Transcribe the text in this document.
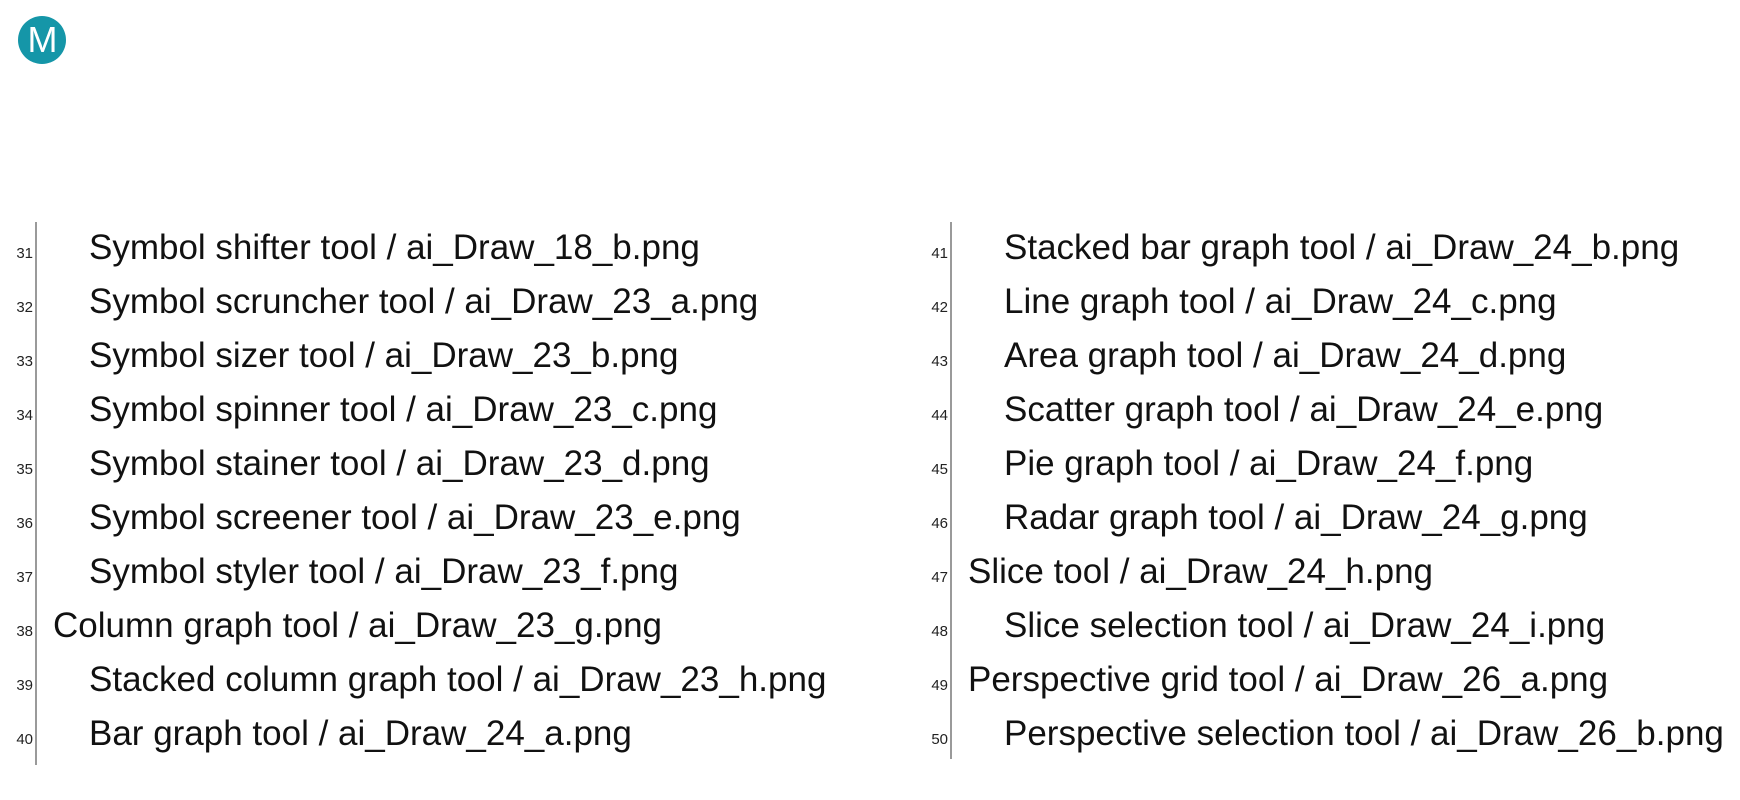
M
31 Symbol shifter tool / ai_Draw_18_b.png
32 Symbol scruncher tool / ai_Draw_23_a.png
33 Symbol sizer tool / ai_Draw_23_b.png
34 Symbol spinner tool / ai_Draw_23_c.png
35 Symbol stainer tool / ai_Draw_23_d.png
36 Symbol screener tool / ai_Draw_23_e.png
37 Symbol styler tool / ai_Draw_23_f.png
38 Column graph tool / ai_Draw_23_g.png
39 Stacked column graph tool / ai_Draw_23_h.png
40 Bar graph tool / ai_Draw_24_a.png
41 Stacked bar graph tool / ai_Draw_24_b.png
42 Line graph tool / ai_Draw_24_c.png
43 Area graph tool / ai_Draw_24_d.png
44 Scatter graph tool / ai_Draw_24_e.png
45 Pie graph tool / ai_Draw_24_f.png
46 Radar graph tool / ai_Draw_24_g.png
47 Slice tool / ai_Draw_24_h.png
48 Slice selection tool / ai_Draw_24_i.png
49 Perspective grid tool / ai_Draw_26_a.png
50 Perspective selection tool / ai_Draw_26_b.png
